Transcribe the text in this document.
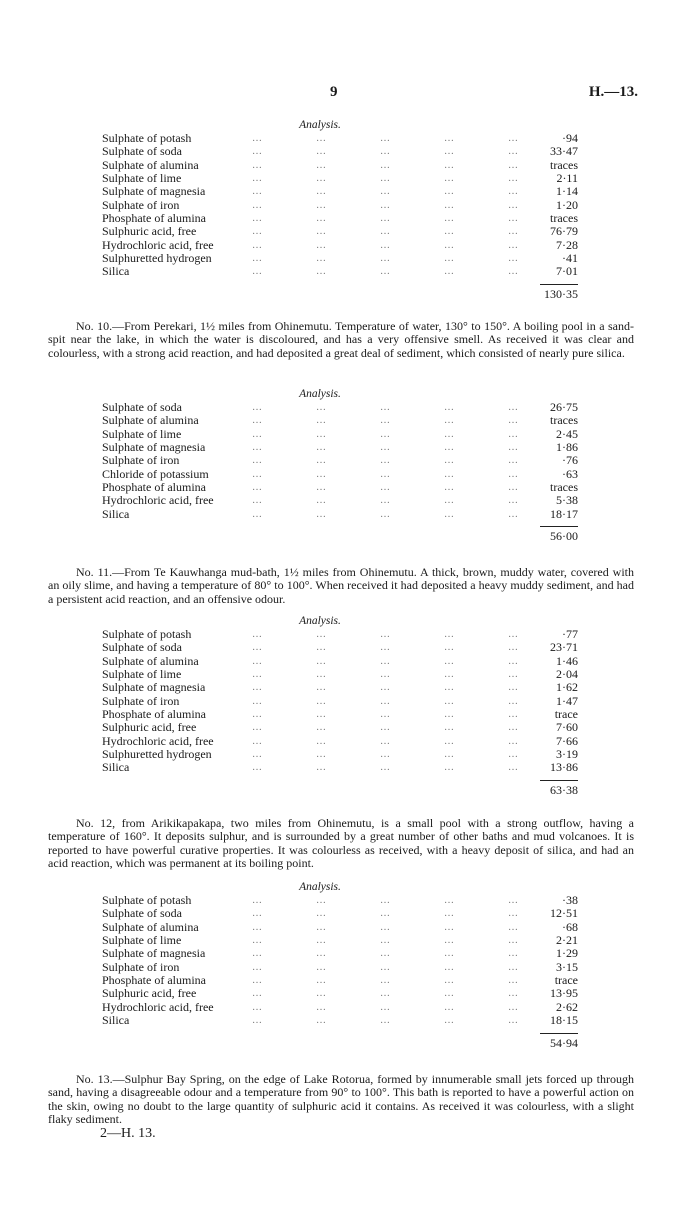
9	H.—13.
Analysis.
Sulphate of potash	…	…	…	…	…	·94
Sulphate of soda	…	…	…	…	…	33·47
Sulphate of alumina	…	…	…	…	…	traces
Sulphate of lime	…	…	…	…	…	2·11
Sulphate of magnesia	…	…	…	…	…	1·14
Sulphate of iron	…	…	…	…	…	1·20
Phosphate of alumina	…	…	…	…	…	traces
Sulphuric acid, free	…	…	…	…	…	76·79
Hydrochloric acid, free	…	…	…	…	…	7·28
Sulphuretted hydrogen	…	…	…	…	…	·41
Silica	…	…	…	…	…	7·01
130·35

No. 10.—From Perekari, 1½ miles from Ohinemutu. Temperature of water, 130° to 150°. A boiling pool in a sand-spit near the lake, in which the water is discoloured, and has a very offensive smell. As received it was clear and colourless, with a strong acid reaction, and had deposited a great deal of sediment, which consisted of nearly pure silica.

Analysis.
Sulphate of soda	…	…	…	…	…	26·75
Sulphate of alumina	…	…	…	…	…	traces
Sulphate of lime	…	…	…	…	…	2·45
Sulphate of magnesia	…	…	…	…	…	1·86
Sulphate of iron	…	…	…	…	…	·76
Chloride of potassium	…	…	…	…	…	·63
Phosphate of alumina	…	…	…	…	…	traces
Hydrochloric acid, free	…	…	…	…	…	5·38
Silica	…	…	…	…	…	18·17
56·00

No. 11.—From Te Kauwhanga mud-bath, 1½ miles from Ohinemutu. A thick, brown, muddy water, covered with an oily slime, and having a temperature of 80° to 100°. When received it had deposited a heavy muddy sediment, and had a persistent acid reaction, and an offensive odour.

Analysis.
Sulphate of potash	…	…	…	…	…	·77
Sulphate of soda	…	…	…	…	…	23·71
Sulphate of alumina	…	…	…	…	…	1·46
Sulphate of lime	…	…	…	…	…	2·04
Sulphate of magnesia	…	…	…	…	…	1·62
Sulphate of iron	…	…	…	…	…	1·47
Phosphate of alumina	…	…	…	…	…	trace
Sulphuric acid, free	…	…	…	…	…	7·60
Hydrochloric acid, free	…	…	…	…	…	7·66
Sulphuretted hydrogen	…	…	…	…	…	3·19
Silica	…	…	…	…	…	13·86
63·38

No. 12, from Arikikapakapa, two miles from Ohinemutu, is a small pool with a strong outflow, having a temperature of 160°. It deposits sulphur, and is surrounded by a great number of other baths and mud volcanoes. It is reported to have powerful curative properties. It was colourless as received, with a heavy deposit of silica, and had an acid reaction, which was permanent at its boiling point.

Analysis.
Sulphate of potash	…	…	…	…	…	·38
Sulphate of soda	…	…	…	…	…	12·51
Sulphate of alumina	…	…	…	…	…	·68
Sulphate of lime	…	…	…	…	…	2·21
Sulphate of magnesia	…	…	…	…	…	1·29
Sulphate of iron	…	…	…	…	…	3·15
Phosphate of alumina	…	…	…	…	…	trace
Sulphuric acid, free	…	…	…	…	…	13·95
Hydrochloric acid, free	…	…	…	…	…	2·62
Silica	…	…	…	…	…	18·15
54·94

No. 13.—Sulphur Bay Spring, on the edge of Lake Rotorua, formed by innumerable small jets forced up through sand, having a disagreeable odour and a temperature from 90° to 100°. This bath is reported to have a powerful action on the skin, owing no doubt to the large quantity of sulphuric acid it contains. As received it was colourless, with a slight flaky sediment.

2—H. 13.
